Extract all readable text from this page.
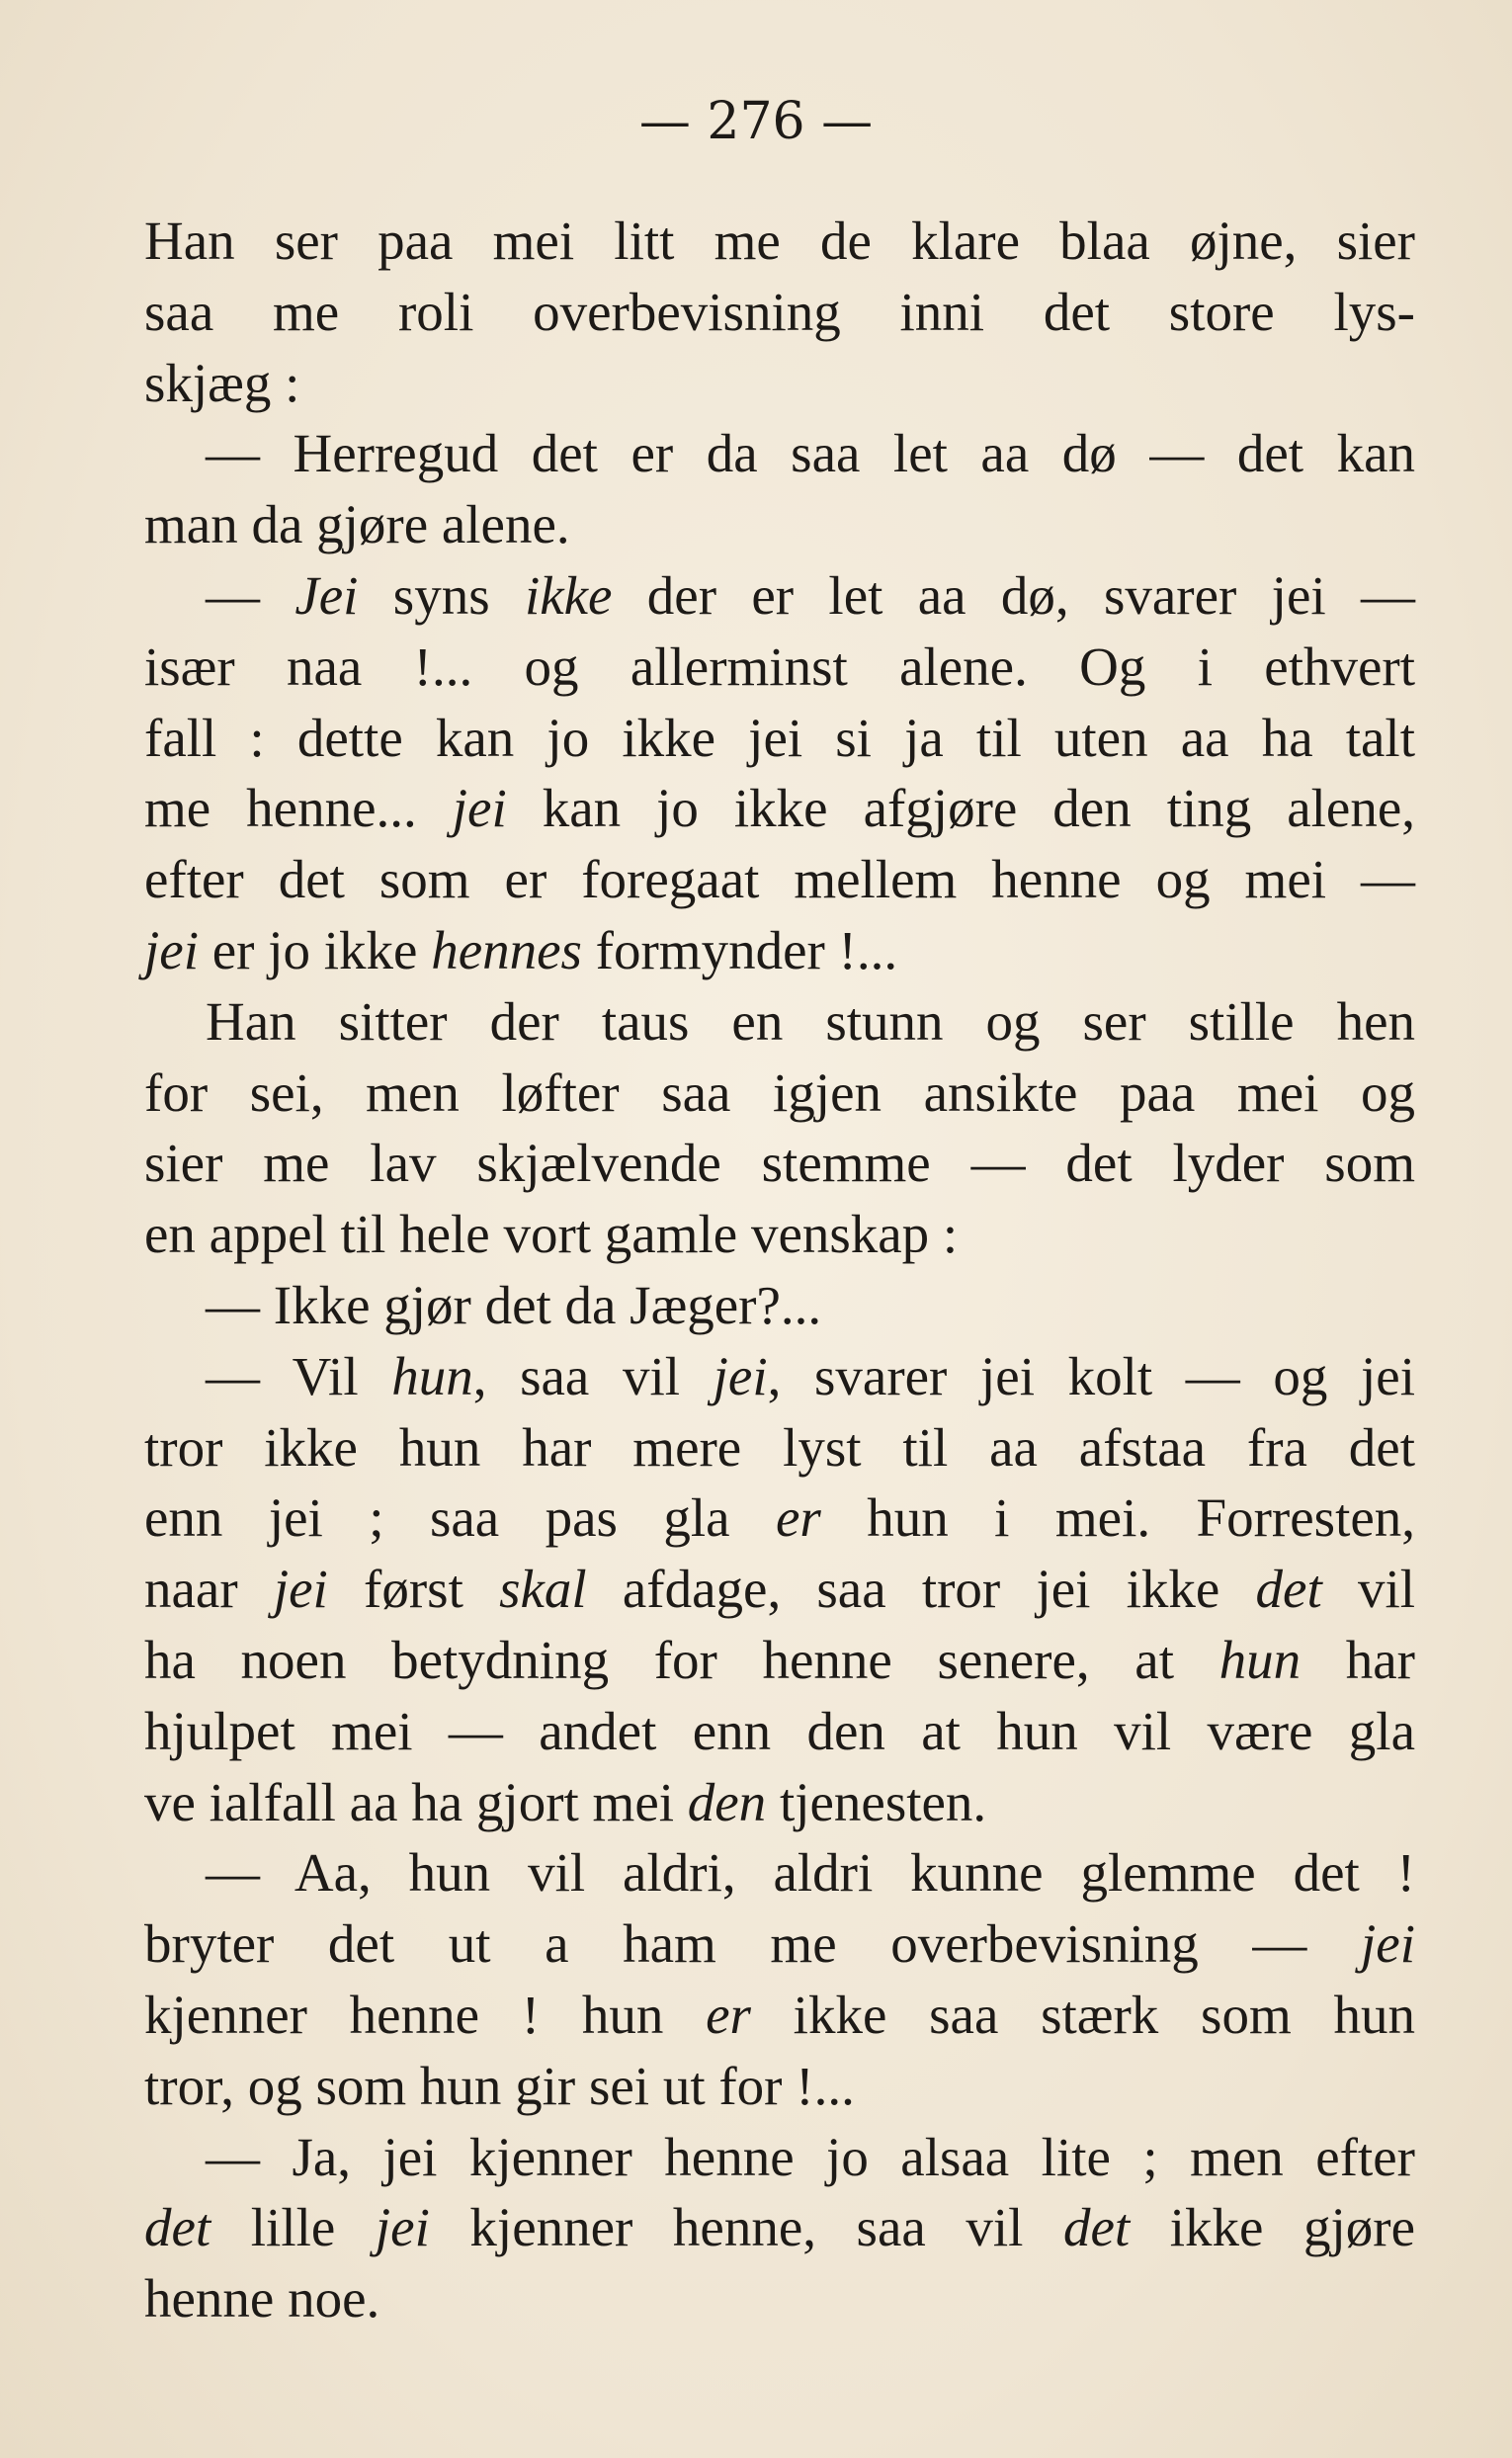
— 276 —
Han ser paa mei litt me de klare blaa øjne, sier
saa me roli overbevisning inni det store lys-
skjæg :
— Herregud det er da saa let aa dø — det kan
man da gjøre alene.
— Jei syns ikke der er let aa dø, svarer jei —
især naa !... og allerminst alene. Og i ethvert
fall : dette kan jo ikke jei si ja til uten aa ha talt
me henne... jei kan jo ikke afgjøre den ting alene,
efter det som er foregaat mellem henne og mei —
jei er jo ikke hennes formynder !...
Han sitter der taus en stunn og ser stille hen
for sei, men løfter saa igjen ansikte paa mei og
sier me lav skjælvende stemme — det lyder som
en appel til hele vort gamle venskap :
— Ikke gjør det da Jæger?...
— Vil hun, saa vil jei, svarer jei kolt — og jei
tror ikke hun har mere lyst til aa afstaa fra det
enn jei ; saa pas gla er hun i mei. Forresten,
naar jei først skal afdage, saa tror jei ikke det vil
ha noen betydning for henne senere, at hun har
hjulpet mei — andet enn den at hun vil være gla
ve ialfall aa ha gjort mei den tjenesten.
— Aa, hun vil aldri, aldri kunne glemme det !
bryter det ut a ham me overbevisning — jei
kjenner henne ! hun er ikke saa stærk som hun
tror, og som hun gir sei ut for !...
— Ja, jei kjenner henne jo alsaa lite ; men efter
det lille jei kjenner henne, saa vil det ikke gjøre
henne noe.
